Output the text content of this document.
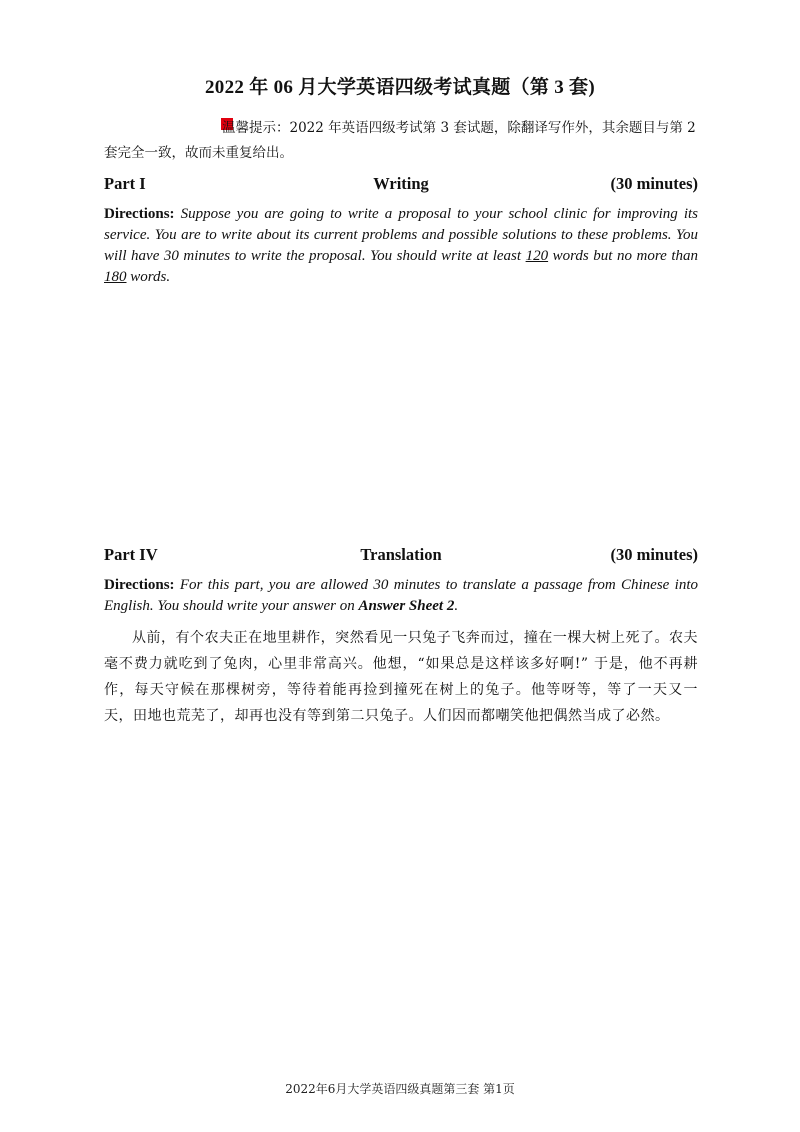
2022 年 06 月大学英语四级考试真题（第 3 套)
温馨提示：2022 年英语四级考试第 3 套试题，除翻译写作外，其余题目与第 2 套完全一致，故而未重复给出。
Writing
Part I	(30 minutes)
Directions: Suppose you are going to write a proposal to your school clinic for improving its service. You are to write about its current problems and possible solutions to these problems. You will have 30 minutes to write the proposal. You should write at least 120 words but no more than 180 words.
Translation
Part IV	(30 minutes)
Directions: For this part, you are allowed 30 minutes to translate a passage from Chinese into English. You should write your answer on Answer Sheet 2.
从前，有个农夫正在地里耕作，突然看见一只兔子飞奔而过，撞在一棵大树上死了。农夫毫不费力就吃到了兔肉，心里非常高兴。他想，“如果总是这样该多好啊!” 于是，他不再耕作，每天守候在那棵树旁，等待着能再捡到撞死在树上的兔子。他等呀等，等了一天又一天，田地也荒芜了，却再也没有等到第二只兔子。人们因而都嘲笑他把偶然当成了必然。
2022年6月大学英语四级真题第三套 第1页
